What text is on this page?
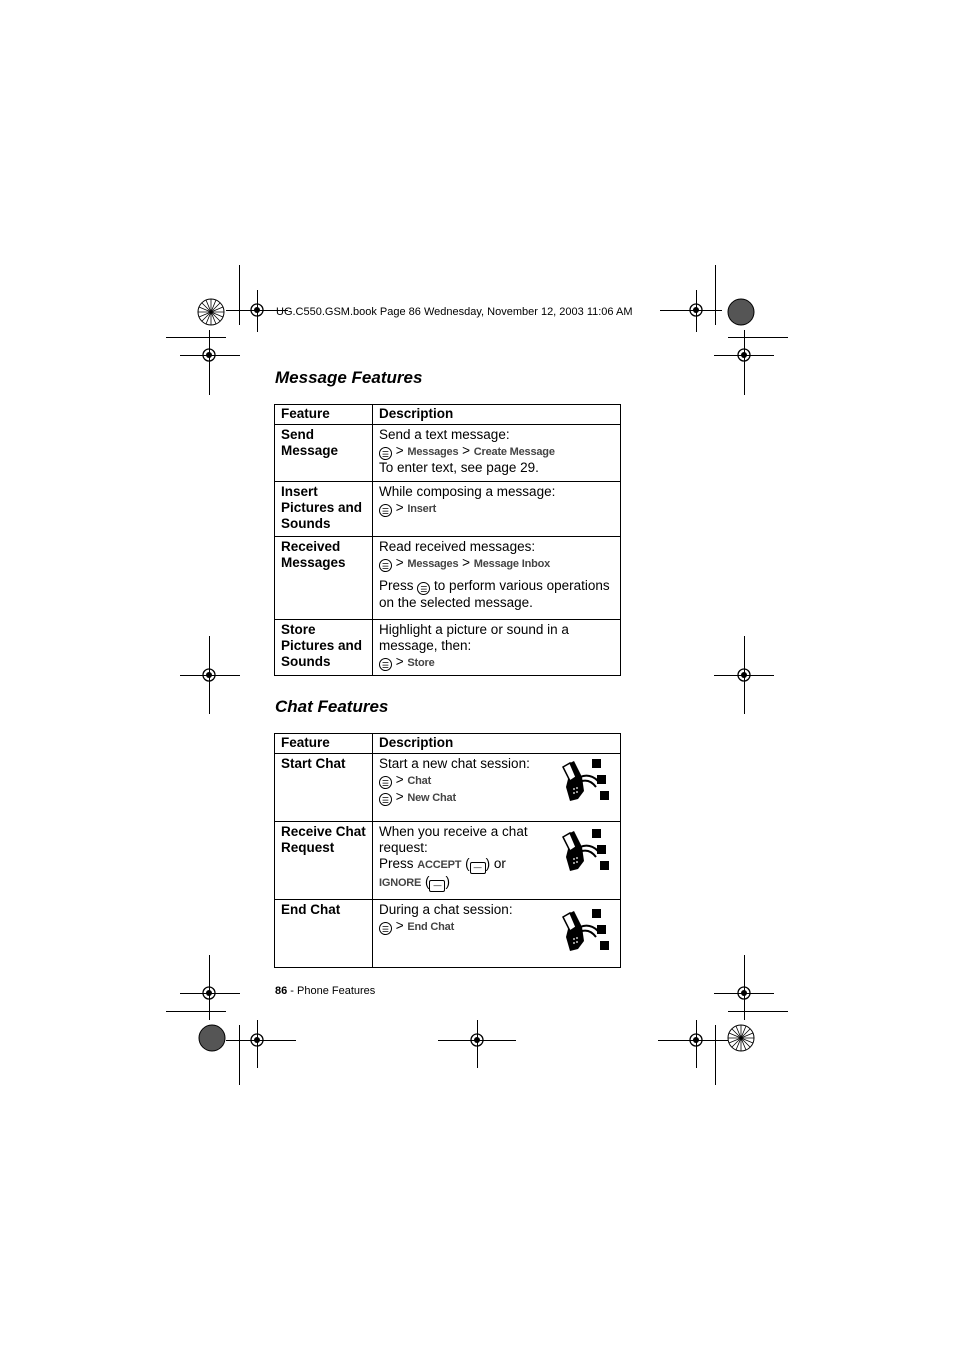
UG.C550.GSM.book Page 86 Wednesday, November 12, 2003 11:06 AM
Message Features
Feature	Description
Send Message	Send a text message:
☰ > Messages > Create Message
To enter text, see page 29.
Insert Pictures and Sounds	While composing a message:
☰ > Insert
Received Messages	Read received messages:
☰ > Messages > Message Inbox

Press ☰ to perform various operations on the selected message.

Store Pictures and Sounds	Highlight a picture or sound in a message, then:
☰ > Store
Chat Features
Feature	Description
Start Chat	Start a new chat session:
☰ > Chat
☰ > New Chat

Receive Chat Request	When you receive a chat request:
Press ACCEPT ( — ) or
IGNORE ( — )
End Chat	During a chat session:
☰ > End Chat
86 - Phone Features
